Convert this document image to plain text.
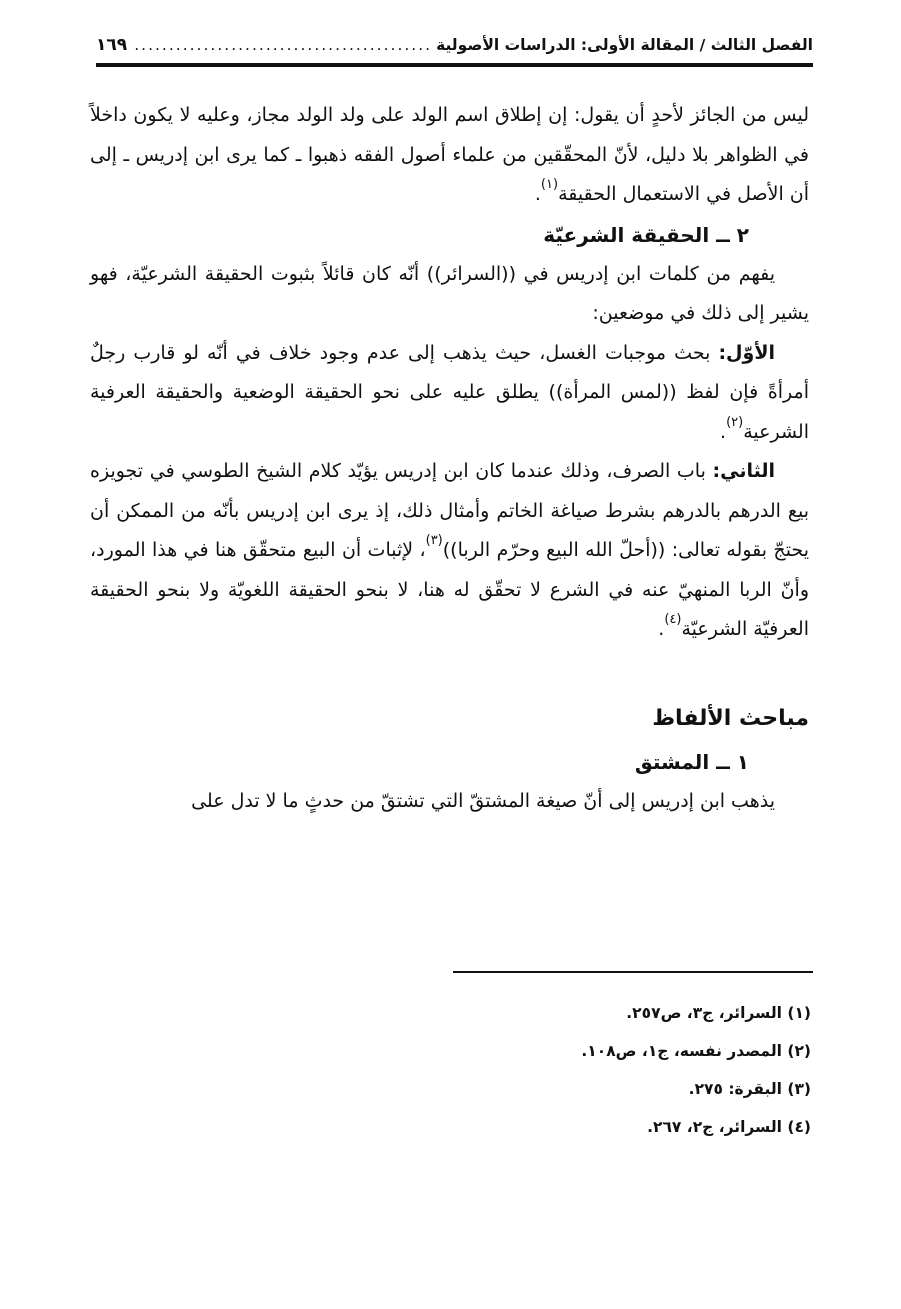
الفصل الثالث / المقالة الأولى: الدراسات الأصولية
.....
١٦٩

ليس من الجائز لأحدٍ أن يقول: إن إطلاق اسم الولد على ولد الولد مجاز، وعليه لا يكون داخلاً في الظواهر بلا دليل، لأنّ المحقّقين من علماء أصول الفقه ذهبوا ـ كما يرى ابن إدريس ـ إلى أن الأصل في الاستعمال الحقيقة$^{(١)}$.

٢ ــ الحقيقة الشرعيّة

يفهم من كلمات ابن إدريس في ((السرائر)) أنّه كان قائلاً بثبوت الحقيقة الشرعيّة، فهو يشير إلى ذلك في موضعين:

الأوّل: بحث موجبات الغسل، حيث يذهب إلى عدم وجود خلاف في أنّه لو قارب رجلٌ أمرأةً فإن لفظ ((لمس المرأة)) يطلق عليه على نحو الحقيقة الوضعية والحقيقة العرفية الشرعية$^{(٢)}$.

الثاني: باب الصرف، وذلك عندما كان ابن إدريس يؤيّد كلام الشيخ الطوسي في تجويزه بيع الدرهم بالدرهم بشرط صياغة الخاتم وأمثال ذلك، إذ يرى ابن إدريس بأنّه من الممكن أن يحتجّ بقوله تعالى: ((أحلّ الله البيع وحرّم الربا))$^{(٣)}$، لإثبات أن البيع متحقّق هنا في هذا المورد، وأنّ الربا المنهيّ عنه في الشرع لا تحقّق له هنا، لا بنحو الحقيقة اللغويّة ولا بنحو الحقيقة العرفيّة الشرعيّة$^{(٤)}$.

مباحث الألفاظ

١ ــ المشتق

يذهب ابن إدريس إلى أنّ صيغة المشتقّ التي تشتقّ من حدثٍ ما لا تدل على

(١) السرائر، ج٣، ص٢٥٧.

(٢) المصدر نفسه، ج١، ص١٠٨.

(٣) البقرة: ٢٧٥.

(٤) السرائر، ج٢، ٢٦٧.
